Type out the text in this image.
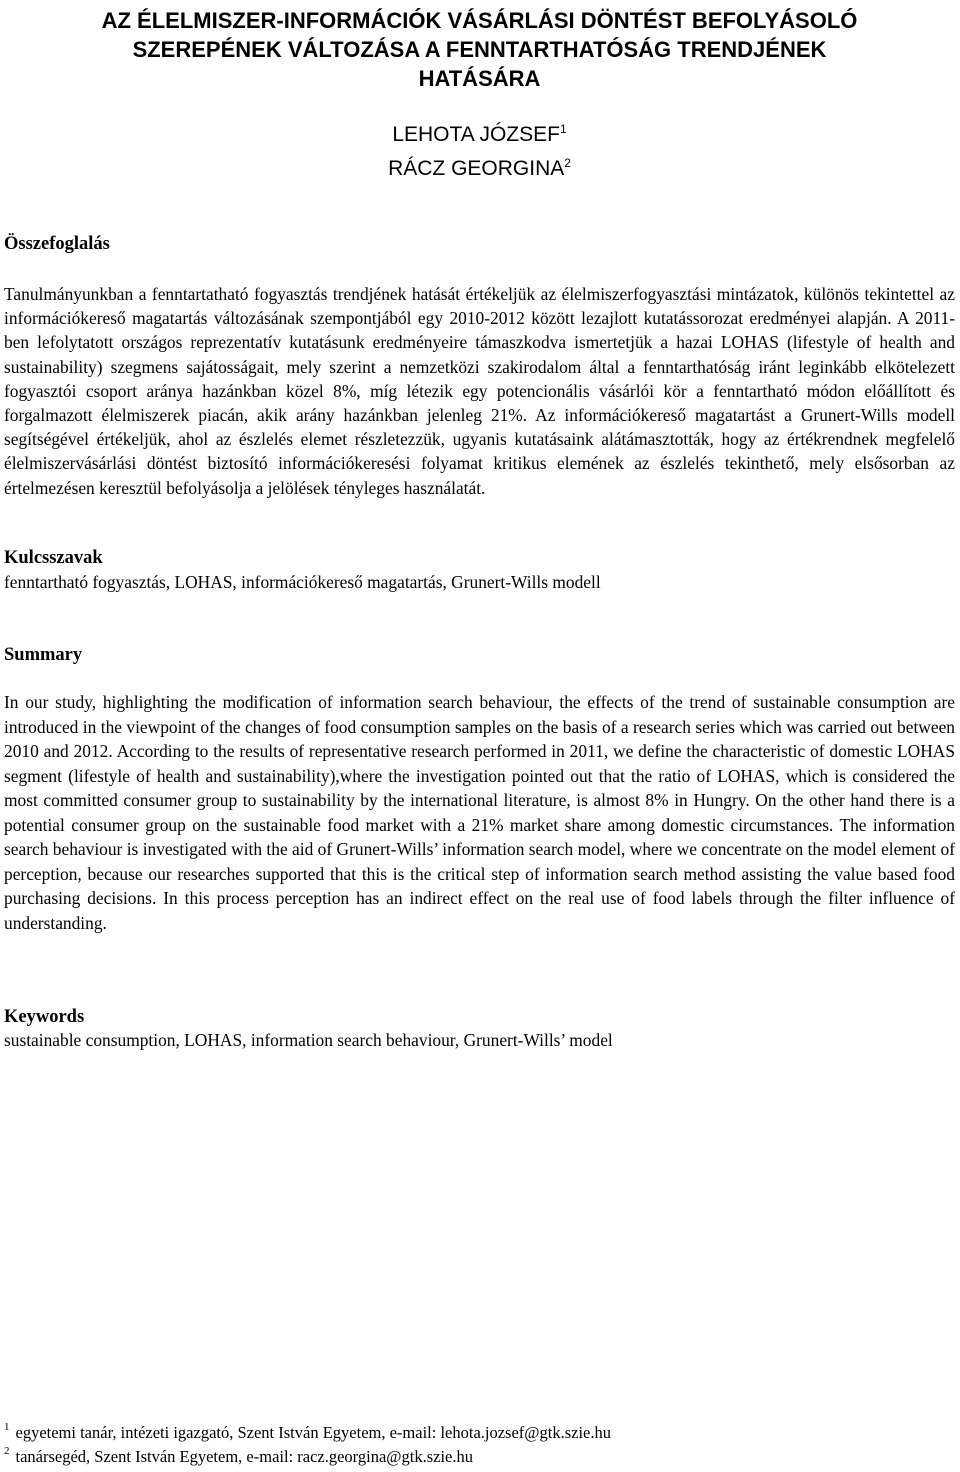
AZ ÉLELMISZER-INFORMÁCIÓK VÁSÁRLÁSI DÖNTÉST BEFOLYÁSOLÓ
SZEREPÉNEK VÁLTOZÁSA A FENNTARTHATÓSÁG TRENDJÉNEK
HATÁSÁRA
LEHOTA JÓZSEF$^1$
RÁCZ GEORGINA$^2$
Összefoglalás

Tanulmányunkban a fenntartatható fogyasztás trendjének hatását értékeljük az élelmiszerfogyasztási mintázatok, különös tekintettel az információkereső magatartás változásának szempontjából egy 2010-2012 között lezajlott kutatássorozat eredményei alapján. A 2011-ben lefolytatott országos reprezentatív kutatásunk eredményeire támaszkodva ismertetjük a hazai LOHAS (lifestyle of health and sustainability) szegmens sajátosságait, mely szerint a nemzetközi szakirodalom által a fenntarthatóság iránt leginkább elkötelezett fogyasztói csoport aránya hazánkban közel 8%, míg létezik egy potencionális vásárlói kör a fenntartható módon előállított és forgalmazott élelmiszerek piacán, akik arány hazánkban jelenleg 21%. Az információkereső magatartást a Grunert-Wills modell segítségével értékeljük, ahol az észlelés elemet részletezzük, ugyanis kutatásaink alátámasztották, hogy az értékrendnek megfelelő élelmiszervásárlási döntést biztosító információkeresési folyamat kritikus elemének az észlelés tekinthető, mely elsősorban az értelmezésen keresztül befolyásolja a jelölések tényleges használatát.

Kulcsszavak

fenntartható fogyasztás, LOHAS, információkereső magatartás, Grunert-Wills modell

Summary

In our study, highlighting the modification of information search behaviour, the effects of the trend of sustainable consumption are introduced in the viewpoint of the changes of food consumption samples on the basis of a research series which was carried out between 2010 and 2012. According to the results of representative research performed in 2011, we define the characteristic of domestic LOHAS segment (lifestyle of health and sustainability),where the investigation pointed out that the ratio of LOHAS, which is considered the most committed consumer group to sustainability by the international literature, is almost 8% in Hungry. On the other hand there is a potential consumer group on the sustainable food market with a 21% market share among domestic circumstances. The information search behaviour is investigated with the aid of Grunert-Wills’ information search model, where we concentrate on the model element of perception, because our researches supported that this is the critical step of information search method assisting the value based food purchasing decisions. In this process perception has an indirect effect on the real use of food labels through the filter influence of understanding.

Keywords

sustainable consumption, LOHAS, information search behaviour, Grunert-Wills’ model

$^1$ egyetemi tanár, intézeti igazgató, Szent István Egyetem, e-mail: lehota.jozsef@gtk.szie.hu

$^2$ tanársegéd, Szent István Egyetem, e-mail: racz.georgina@gtk.szie.hu
